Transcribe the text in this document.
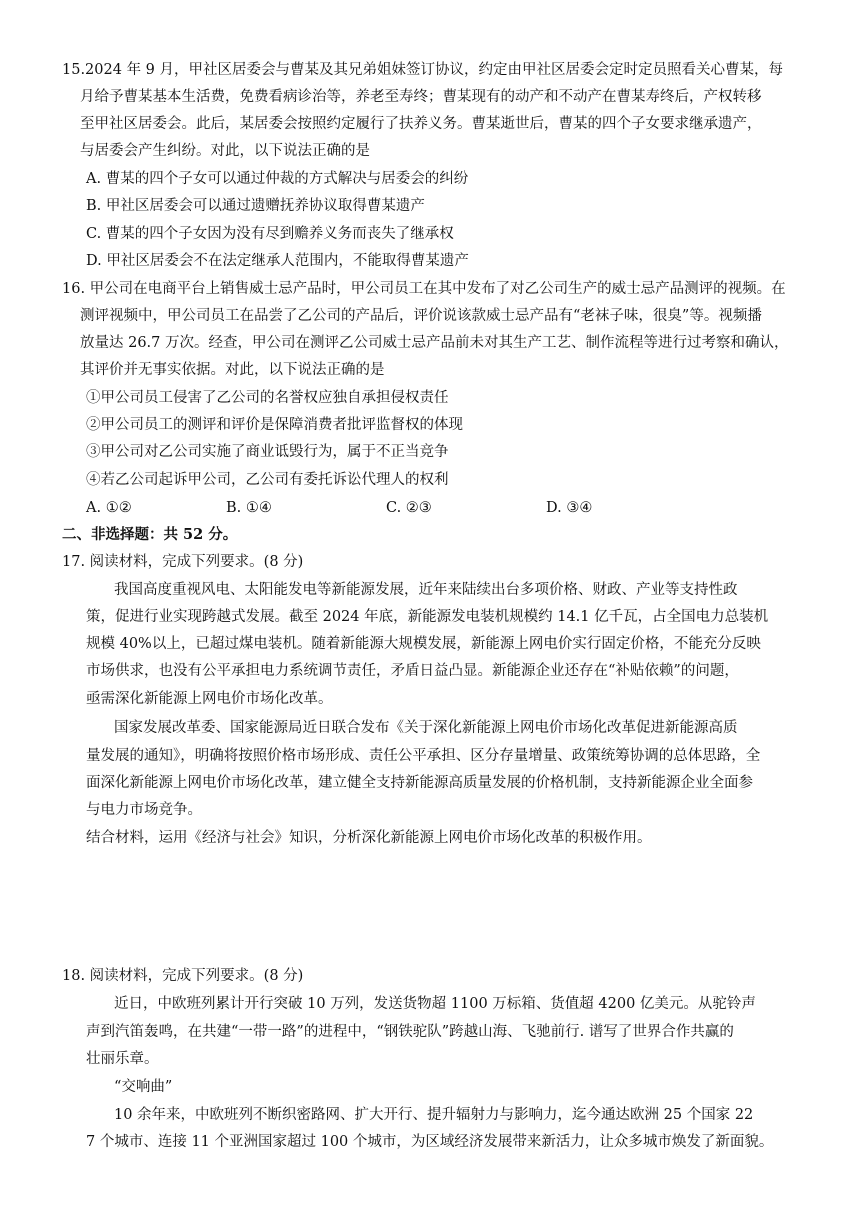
15.2024 年 9 月，甲社区居委会与曹某及其兄弟姐妹签订协议，约定由甲社区居委会定时定员照看关心曹某，每
月给予曹某基本生活费，免费看病诊治等，养老至寿终；曹某现有的动产和不动产在曹某寿终后，产权转移
至甲社区居委会。此后，某居委会按照约定履行了扶养义务。曹某逝世后，曹某的四个子女要求继承遗产，
与居委会产生纠纷。对此，以下说法正确的是
A. 曹某的四个子女可以通过仲裁的方式解决与居委会的纠纷
B. 甲社区居委会可以通过遗赠抚养协议取得曹某遗产
C. 曹某的四个子女因为没有尽到赡养义务而丧失了继承权
D. 甲社区居委会不在法定继承人范围内，不能取得曹某遗产
16. 甲公司在电商平台上销售威士忌产品时，甲公司员工在其中发布了对乙公司生产的威士忌产品测评的视频。在
测评视频中，甲公司员工在品尝了乙公司的产品后，评价说该款威士忌产品有“老袜子味，很臭”等。视频播
放量达 26.7 万次。经查，甲公司在测评乙公司威士忌产品前未对其生产工艺、制作流程等进行过考察和确认，
其评价并无事实依据。对此，以下说法正确的是
①甲公司员工侵害了乙公司的名誉权应独自承担侵权责任
②甲公司员工的测评和评价是保障消费者批评监督权的体现
③甲公司对乙公司实施了商业诋毁行为，属于不正当竞争
④若乙公司起诉甲公司，乙公司有委托诉讼代理人的权利
A. ①②	B. ①④	C. ②③	D. ③④
二、非选择题：共 52 分。
17. 阅读材料，完成下列要求。(8 分)
我国高度重视风电、太阳能发电等新能源发展，近年来陆续出台多项价格、财政、产业等支持性政
策，促进行业实现跨越式发展。截至 2024 年底，新能源发电装机规模约 14.1 亿千瓦，占全国电力总装机
规模 40%以上，已超过煤电装机。随着新能源大规模发展，新能源上网电价实行固定价格，不能充分反映
市场供求，也没有公平承担电力系统调节责任，矛盾日益凸显。新能源企业还存在“补贴依赖”的问题，
亟需深化新能源上网电价市场化改革。
国家发展改革委、国家能源局近日联合发布《关于深化新能源上网电价市场化改革促进新能源高质
量发展的通知》，明确将按照价格市场形成、责任公平承担、区分存量增量、政策统筹协调的总体思路，全
面深化新能源上网电价市场化改革，建立健全支持新能源高质量发展的价格机制，支持新能源企业全面参
与电力市场竞争。
结合材料，运用《经济与社会》知识，分析深化新能源上网电价市场化改革的积极作用。
18. 阅读材料，完成下列要求。(8 分)
近日，中欧班列累计开行突破 10 万列，发送货物超 1100 万标箱、货值超 4200 亿美元。从驼铃声
声到汽笛轰鸣，在共建“一带一路”的进程中，“钢铁驼队”跨越山海、飞驰前行. 谱写了世界合作共赢的
壮丽乐章。
“交响曲”
10 余年来，中欧班列不断织密路网、扩大开行、提升辐射力与影响力，迄今通达欧洲 25 个国家 22
7 个城市、连接 11 个亚洲国家超过 100 个城市，为区域经济发展带来新活力，让众多城市焕发了新面貌。
